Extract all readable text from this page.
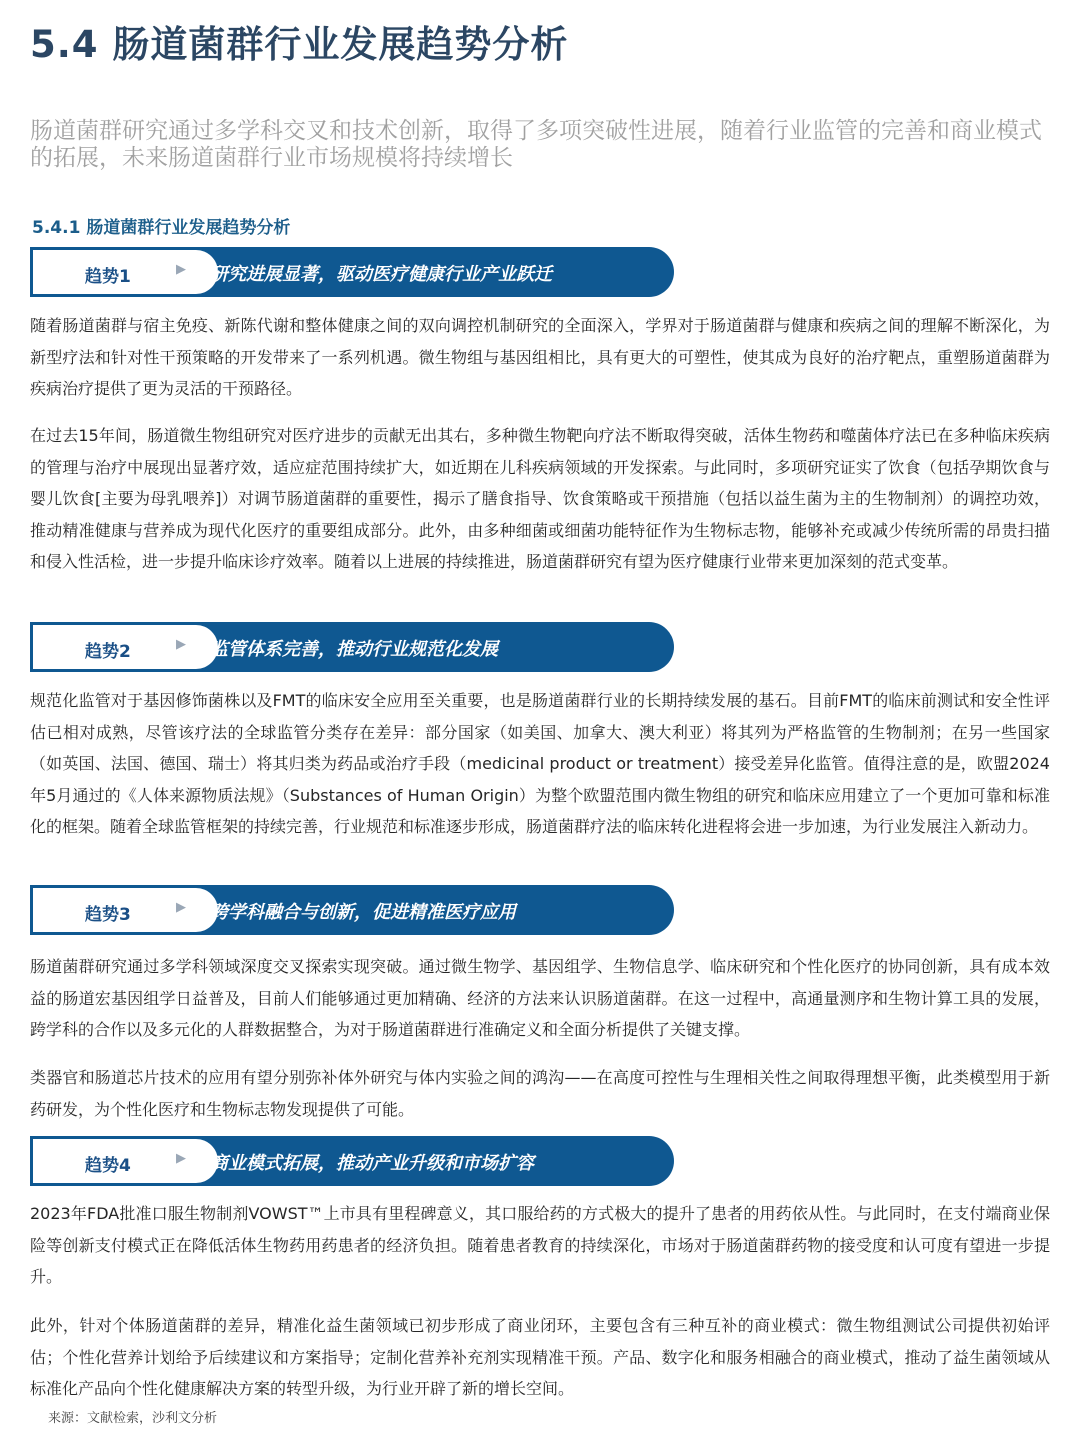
5.4 肠道菌群行业发展趋势分析

肠道菌群研究通过多学科交叉和技术创新，取得了多项突破性进展，随着行业监管的完善和商业模式的拓展，未来肠道菌群行业市场规模将持续增长

5.4.1 肠道菌群行业发展趋势分析
趋势1	▶ 研究进展显著，驱动医疗健康行业产业跃迁

随着肠道菌群与宿主免疫、新陈代谢和整体健康之间的双向调控机制研究的全面深入，学界对于肠道菌群与健康和疾病之间的理解不断深化，为新型疗法和针对性干预策略的开发带来了一系列机遇。微生物组与基因组相比，具有更大的可塑性，使其成为良好的治疗靶点，重塑肠道菌群为疾病治疗提供了更为灵活的干预路径。

在过去15年间，肠道微生物组研究对医疗进步的贡献无出其右，多种微生物靶向疗法不断取得突破，活体生物药和噬菌体疗法已在多种临床疾病的管理与治疗中展现出显著疗效，适应症范围持续扩大，如近期在儿科疾病领域的开发探索。与此同时，多项研究证实了饮食（包括孕期饮食与婴儿饮食[主要为母乳喂养]）对调节肠道菌群的重要性，揭示了膳食指导、饮食策略或干预措施（包括以益生菌为主的生物制剂）的调控功效，推动精准健康与营养成为现代化医疗的重要组成部分。此外，由多种细菌或细菌功能特征作为生物标志物，能够补充或减少传统所需的昂贵扫描和侵入性活检，进一步提升临床诊疗效率。随着以上进展的持续推进，肠道菌群研究有望为医疗健康行业带来更加深刻的范式变革。

趋势2	▶ 监管体系完善，推动行业规范化发展

规范化监管对于基因修饰菌株以及FMT的临床安全应用至关重要，也是肠道菌群行业的长期持续发展的基石。目前FMT的临床前测试和安全性评估已相对成熟，尽管该疗法的全球监管分类存在差异：部分国家（如美国、加拿大、澳大利亚）将其列为严格监管的生物制剂；在另一些国家（如英国、法国、德国、瑞士）将其归类为药品或治疗手段（medicinal product or treatment）接受差异化监管。值得注意的是，欧盟2024年5月通过的《人体来源物质法规》（Substances of Human Origin）为整个欧盟范围内微生物组的研究和临床应用建立了一个更加可靠和标准化的框架。随着全球监管框架的持续完善，行业规范和标准逐步形成，肠道菌群疗法的临床转化进程将会进一步加速，为行业发展注入新动力。

趋势3	▶ 跨学科融合与创新，促进精准医疗应用

肠道菌群研究通过多学科领域深度交叉探索实现突破。通过微生物学、基因组学、生物信息学、临床研究和个性化医疗的协同创新，具有成本效益的肠道宏基因组学日益普及，目前人们能够通过更加精确、经济的方法来认识肠道菌群。在这一过程中，高通量测序和生物计算工具的发展，跨学科的合作以及多元化的人群数据整合，为对于肠道菌群进行准确定义和全面分析提供了关键支撑。

类器官和肠道芯片技术的应用有望分别弥补体外研究与体内实验之间的鸿沟——在高度可控性与生理相关性之间取得理想平衡，此类模型用于新药研发，为个性化医疗和生物标志物发现提供了可能。

趋势4	▶ 商业模式拓展，推动产业升级和市场扩容

2023年FDA批准口服生物制剂VOWST™上市具有里程碑意义，其口服给药的方式极大的提升了患者的用药依从性。与此同时，在支付端商业保险等创新支付模式正在降低活体生物药用药患者的经济负担。随着患者教育的持续深化，市场对于肠道菌群药物的接受度和认可度有望进一步提升。

此外，针对个体肠道菌群的差异，精准化益生菌领域已初步形成了商业闭环，主要包含有三种互补的商业模式：微生物组测试公司提供初始评估；个性化营养计划给予后续建议和方案指导；定制化营养补充剂实现精准干预。产品、数字化和服务相融合的商业模式，推动了益生菌领域从标准化产品向个性化健康解决方案的转型升级，为行业开辟了新的增长空间。

来源：文献检索，沙利文分析
